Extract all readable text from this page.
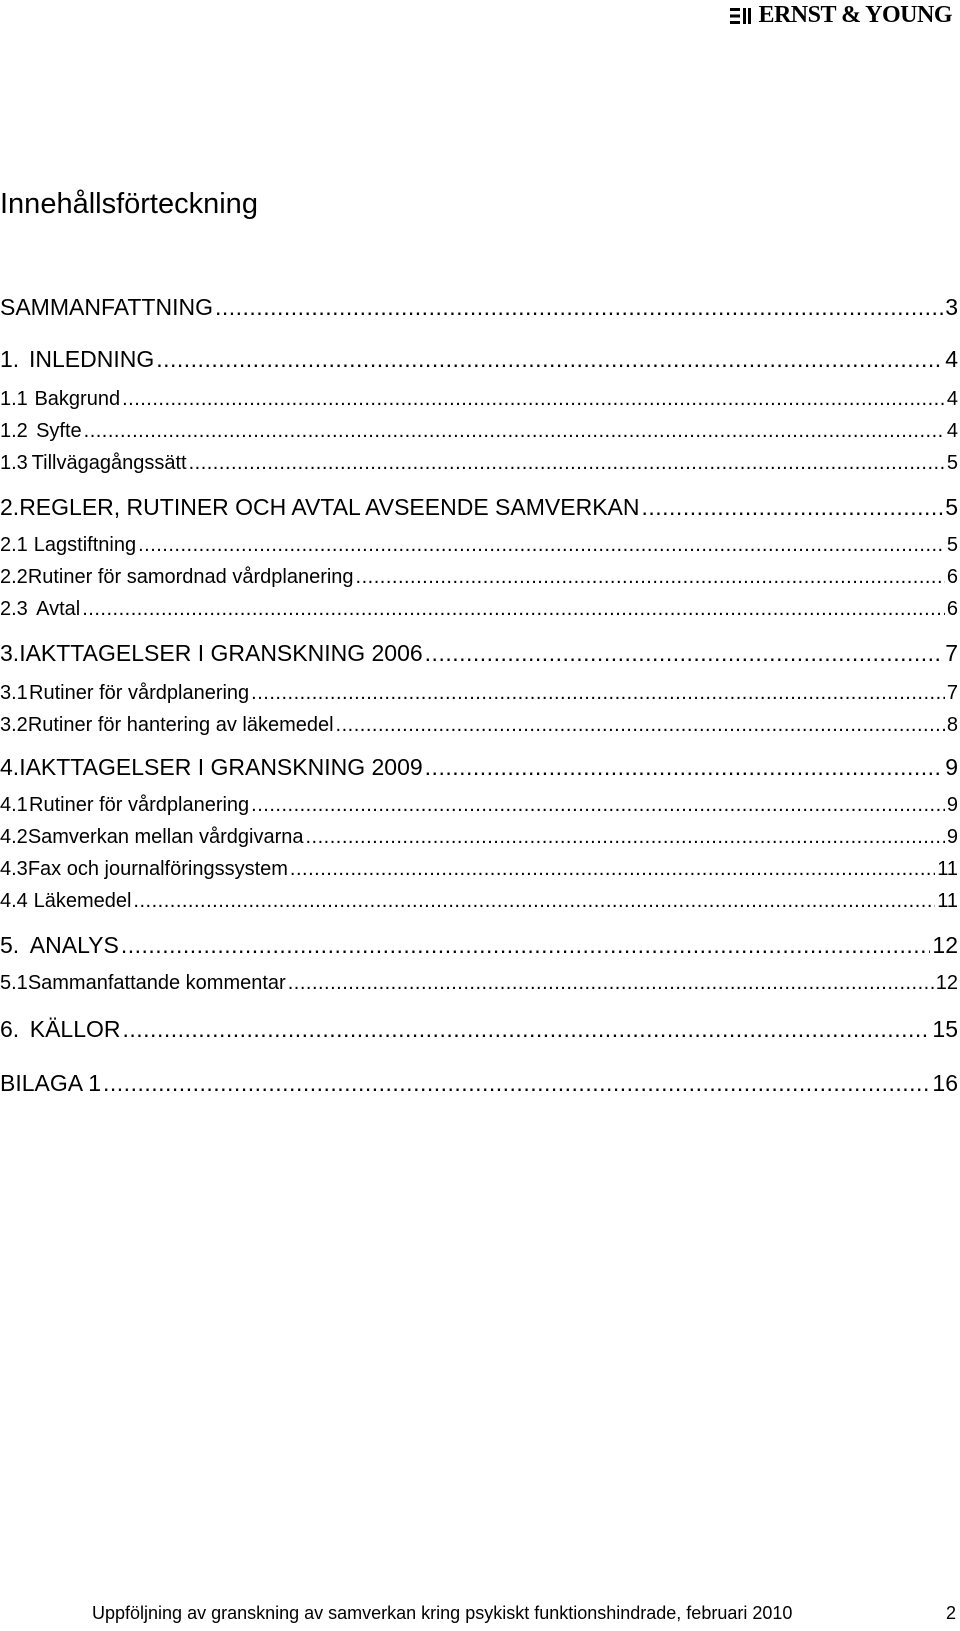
ERNST & YOUNG
Innehållsförteckning
SAMMANFATTNING .....	3
1. INLEDNING .....	4
1.1 Bakgrund .....	4
1.2 Syfte .....	4
1.3 Tillvägagångssätt .....	5
2. REGLER, RUTINER OCH AVTAL AVSEENDE SAMVERKAN .....	5
2.1 Lagstiftning .....	5
2.2 Rutiner för samordnad vårdplanering .....	6
2.3 Avtal .....	6
3. IAKTTAGELSER I GRANSKNING 2006 .....	7
3.1 Rutiner för vårdplanering .....	7
3.2 Rutiner för hantering av läkemedel .....	8
4. IAKTTAGELSER I GRANSKNING 2009 .....	9
4.1 Rutiner för vårdplanering .....	9
4.2 Samverkan mellan vårdgivarna .....	9
4.3 Fax och journalföringssystem .....	11
4.4 Läkemedel .....	11
5. ANALYS .....	12
5.1 Sammanfattande kommentar .....	12
6. KÄLLOR .....	15
BILAGA 1 .....	16
Uppföljning av granskning av samverkan kring psykiskt funktionshindrade, februari 2010	2
